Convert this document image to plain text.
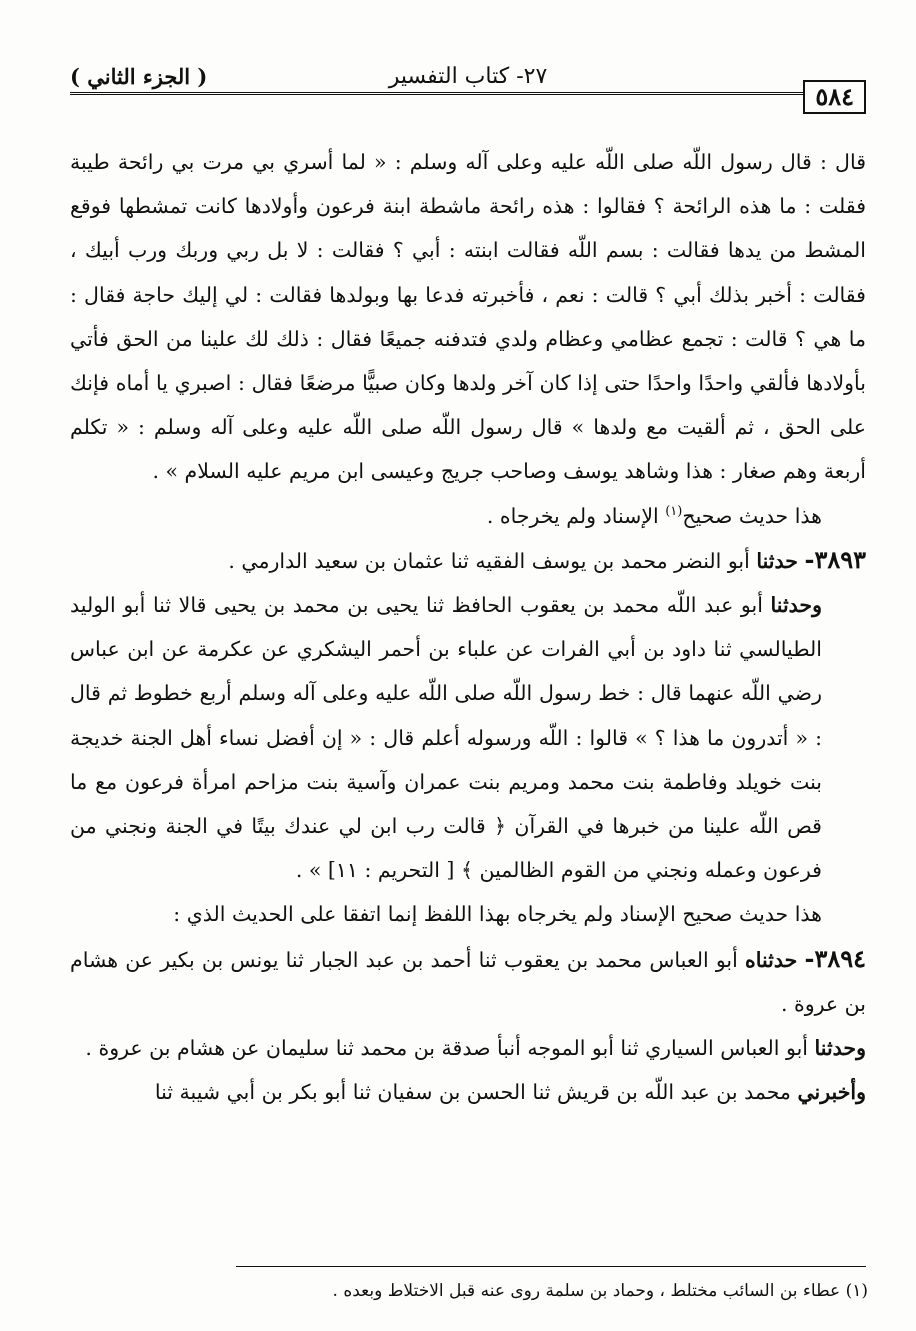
٥٨٤
٢٧- كتاب التفسير
( الجزء الثاني )

قال : قال رسول اللّه صلى اللّه عليه وعلى آله وسلم : « لما أسري بي مرت بي رائحة طيبة فقلت : ما هذه الرائحة ؟ فقالوا : هذه رائحة ماشطة ابنة فرعون وأولادها كانت تمشطها فوقع المشط من يدها فقالت : بسم اللّه فقالت ابنته : أبي ؟ فقالت : لا بل ربي وربك ورب أبيك ، فقالت : أخبر بذلك أبي ؟ قالت : نعم ، فأخبرته فدعا بها وبولدها فقالت : لي إليك حاجة فقال : ما هي ؟ قالت : تجمع عظامي وعظام ولدي فتدفنه جميعًا فقال : ذلك لك علينا من الحق فأتي بأولادها فألقي واحدًا واحدًا حتى إذا كان آخر ولدها وكان صبيًّا مرضعًا فقال : اصبري يا أماه فإنك على الحق ، ثم ألقيت مع ولدها » قال رسول اللّه صلى اللّه عليه وعلى آله وسلم : « تكلم أربعة وهم صغار : هذا وشاهد يوسف وصاحب جريج وعيسى ابن مريم عليه السلام » .

هذا حديث صحيح$^{(١)}$ الإسناد ولم يخرجاه .

٣٨٩٣- حدثنا أبو النضر محمد بن يوسف الفقيه ثنا عثمان بن سعيد الدارمي .

وحدثنا أبو عبد اللّه محمد بن يعقوب الحافظ ثنا يحيى بن محمد بن يحيى قالا ثنا أبو الوليد الطيالسي ثنا داود بن أبي الفرات عن علباء بن أحمر اليشكري عن عكرمة عن ابن عباس رضي اللّه عنهما قال : خط رسول اللّه صلى اللّه عليه وعلى آله وسلم أربع خطوط ثم قال : « أتدرون ما هذا ؟ » قالوا : اللّه ورسوله أعلم قال : « إن أفضل نساء أهل الجنة خديجة بنت خويلد وفاطمة بنت محمد ومريم بنت عمران وآسية بنت مزاحم امرأة فرعون مع ما قص اللّه علينا من خبرها في القرآن ﴿ قالت رب ابن لي عندك بيتًا في الجنة ونجني من فرعون وعمله ونجني من القوم الظالمين ﴾ [ التحريم : ١١] » .

هذا حديث صحيح الإسناد ولم يخرجاه بهذا اللفظ إنما اتفقا على الحديث الذي :

٣٨٩٤- حدثناه أبو العباس محمد بن يعقوب ثنا أحمد بن عبد الجبار ثنا يونس بن بكير عن هشام بن عروة .

وحدثنا أبو العباس السياري ثنا أبو الموجه أنبأ صدقة بن محمد ثنا سليمان عن هشام بن عروة .

وأخبرني محمد بن عبد اللّه بن قريش ثنا الحسن بن سفيان ثنا أبو بكر بن أبي شيبة ثنا

(١) عطاء بن السائب مختلط ، وحماد بن سلمة روى عنه قبل الاختلاط وبعده .
